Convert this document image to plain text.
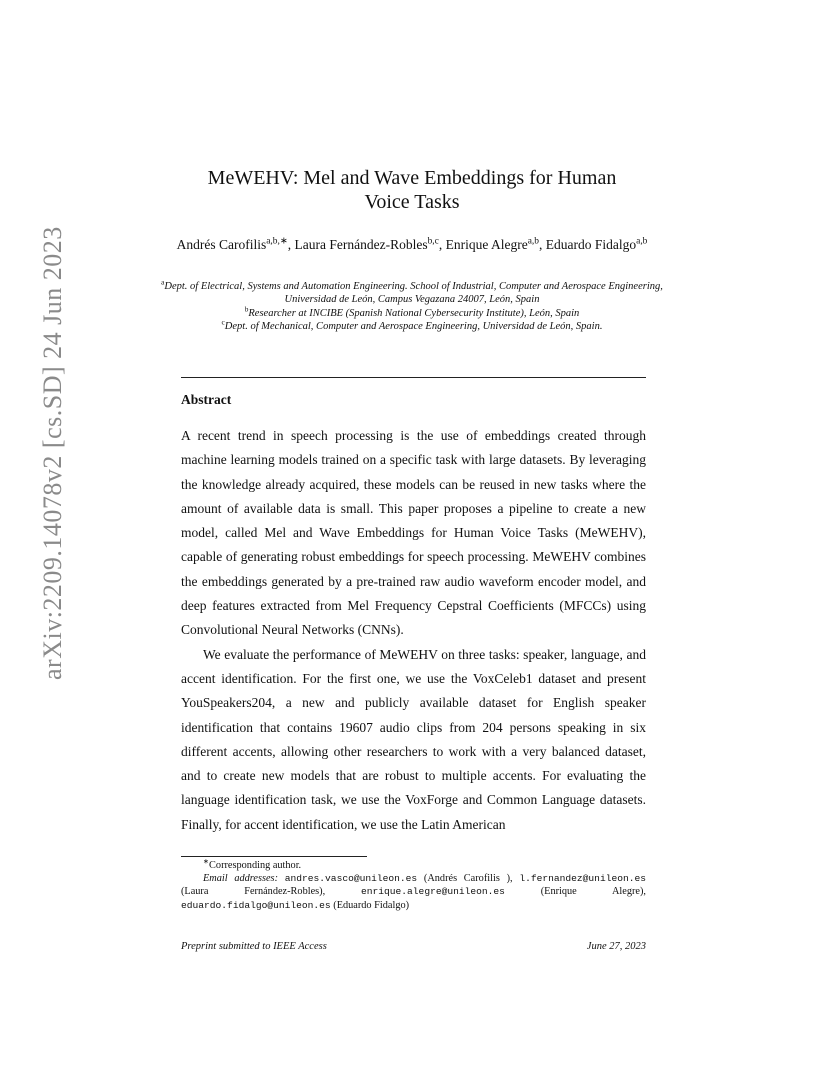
arXiv:2209.14078v2 [cs.SD] 24 Jun 2023
MeWEHV: Mel and Wave Embeddings for Human
Voice Tasks
Andrés Carofilis$^{a,b,∗}$, Laura Fernández-Robles$^{b,c}$, Enrique Alegre$^{a,b}$, Eduardo Fidalgo$^{a,b}$
$^a$Dept. of Electrical, Systems and Automation Engineering. School of Industrial, Computer and Aerospace Engineering, Universidad de León, Campus Vegazana 24007, León, Spain
$^b$Researcher at INCIBE (Spanish National Cybersecurity Institute), León, Spain
$^c$Dept. of Mechanical, Computer and Aerospace Engineering, Universidad de León, Spain.
Abstract

A recent trend in speech processing is the use of embeddings created through machine learning models trained on a specific task with large datasets. By leveraging the knowledge already acquired, these models can be reused in new tasks where the amount of available data is small. This paper proposes a pipeline to create a new model, called Mel and Wave Embeddings for Human Voice Tasks (MeWEHV), capable of generating robust embeddings for speech processing. MeWEHV combines the embeddings generated by a pre-trained raw audio waveform encoder model, and deep features extracted from Mel Frequency Cepstral Coefficients (MFCCs) using Convolutional Neural Networks (CNNs).

We evaluate the performance of MeWEHV on three tasks: speaker, language, and accent identification. For the first one, we use the VoxCeleb1 dataset and present YouSpeakers204, a new and publicly available dataset for English speaker identification that contains 19607 audio clips from 204 persons speaking in six different accents, allowing other researchers to work with a very balanced dataset, and to create new models that are robust to multiple accents. For evaluating the language identification task, we use the VoxForge and Common Language datasets. Finally, for accent identification, we use the Latin American

∗Corresponding author.
Email addresses: andres.vasco@unileon.es (Andrés Carofilis ), l.fernandez@unileon.es (Laura Fernández-Robles),	enrique.alegre@unileon.es (Enrique Alegre), eduardo.fidalgo@unileon.es (Eduardo Fidalgo)
Preprint submitted to IEEE Access	June 27, 2023
